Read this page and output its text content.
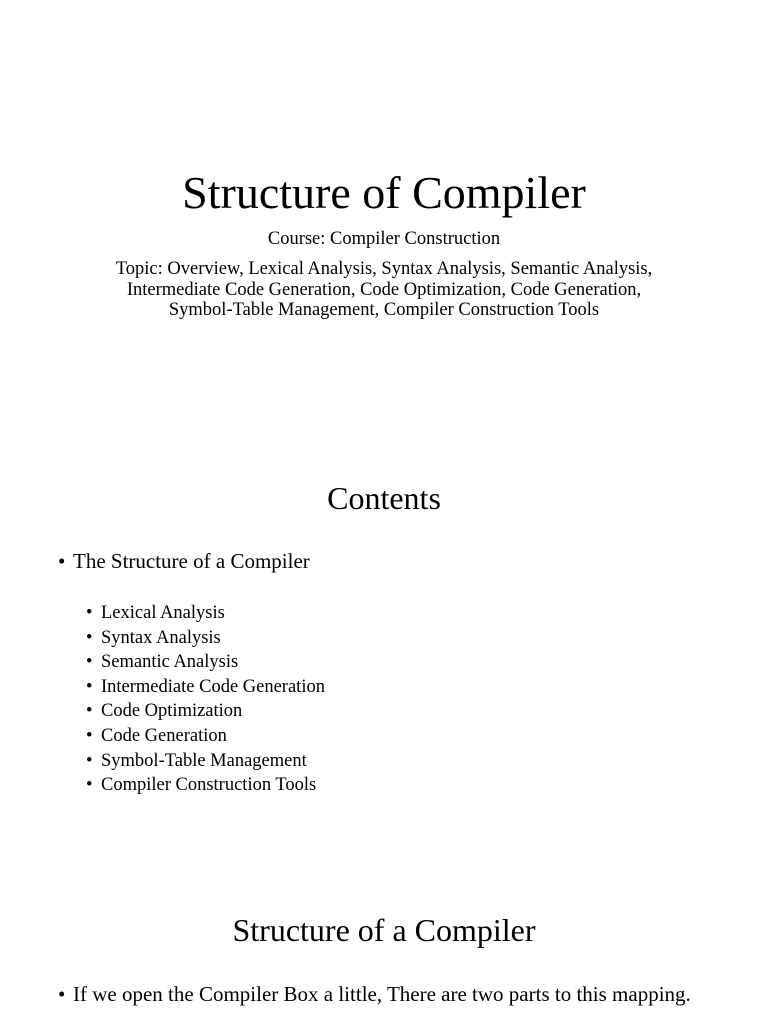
Structure of Compiler
Course: Compiler Construction
Topic: Overview, Lexical Analysis, Syntax Analysis, Semantic Analysis, Intermediate Code Generation, Code Optimization, Code Generation, Symbol-Table Management, Compiler Construction Tools
Contents
• The Structure of a Compiler
• Lexical Analysis
• Syntax Analysis
• Semantic Analysis
• Intermediate Code Generation
• Code Optimization
• Code Generation
• Symbol-Table Management
• Compiler Construction Tools
Structure of a Compiler
• If we open the Compiler Box a little, There are two parts to this mapping.
